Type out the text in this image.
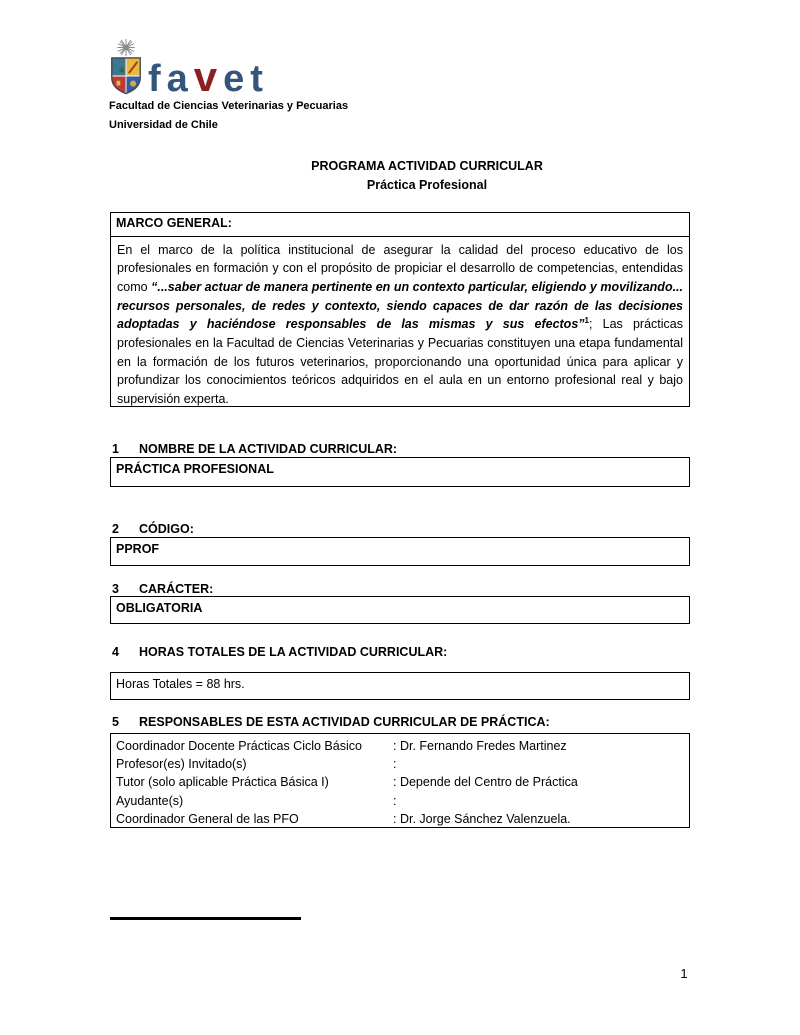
favet
Facultad de Ciencias Veterinarias y Pecuarias
Universidad de Chile
PROGRAMA ACTIVIDAD CURRICULAR
Práctica Profesional
MARCO GENERAL:
En el marco de la política institucional de asegurar la calidad del proceso educativo de los profesionales en formación y con el propósito de propiciar el desarrollo de competencias, entendidas como “...saber actuar de manera pertinente en un contexto particular, eligiendo y movilizando... recursos personales, de redes y contexto, siendo capaces de dar razón de las decisiones adoptadas y haciéndose responsables de las mismas y sus efectos”$^1$; Las prácticas profesionales en la Facultad de Ciencias Veterinarias y Pecuarias constituyen una etapa fundamental en la formación de los futuros veterinarios, proporcionando una oportunidad única para aplicar y profundizar los conocimientos teóricos adquiridos en el aula en un entorno profesional real y bajo supervisión experta.
1 NOMBRE DE LA ACTIVIDAD CURRICULAR:
PRÁCTICA PROFESIONAL
2 CÓDIGO:
PPROF
3 CARÁCTER:
OBLIGATORIA
4 HORAS TOTALES DE LA ACTIVIDAD CURRICULAR:
Horas Totales = 88 hrs.
5 RESPONSABLES DE ESTA ACTIVIDAD CURRICULAR DE PRÁCTICA:
Coordinador Docente Prácticas Ciclo Básico	: Dr. Fernando Fredes Martinez
Profesor(es) Invitado(s)	:
Tutor (solo aplicable Práctica Básica I)	: Depende del Centro de Práctica
Ayudante(s)	:
Coordinador General de las PFO	: Dr. Jorge Sánchez Valenzuela.
1
